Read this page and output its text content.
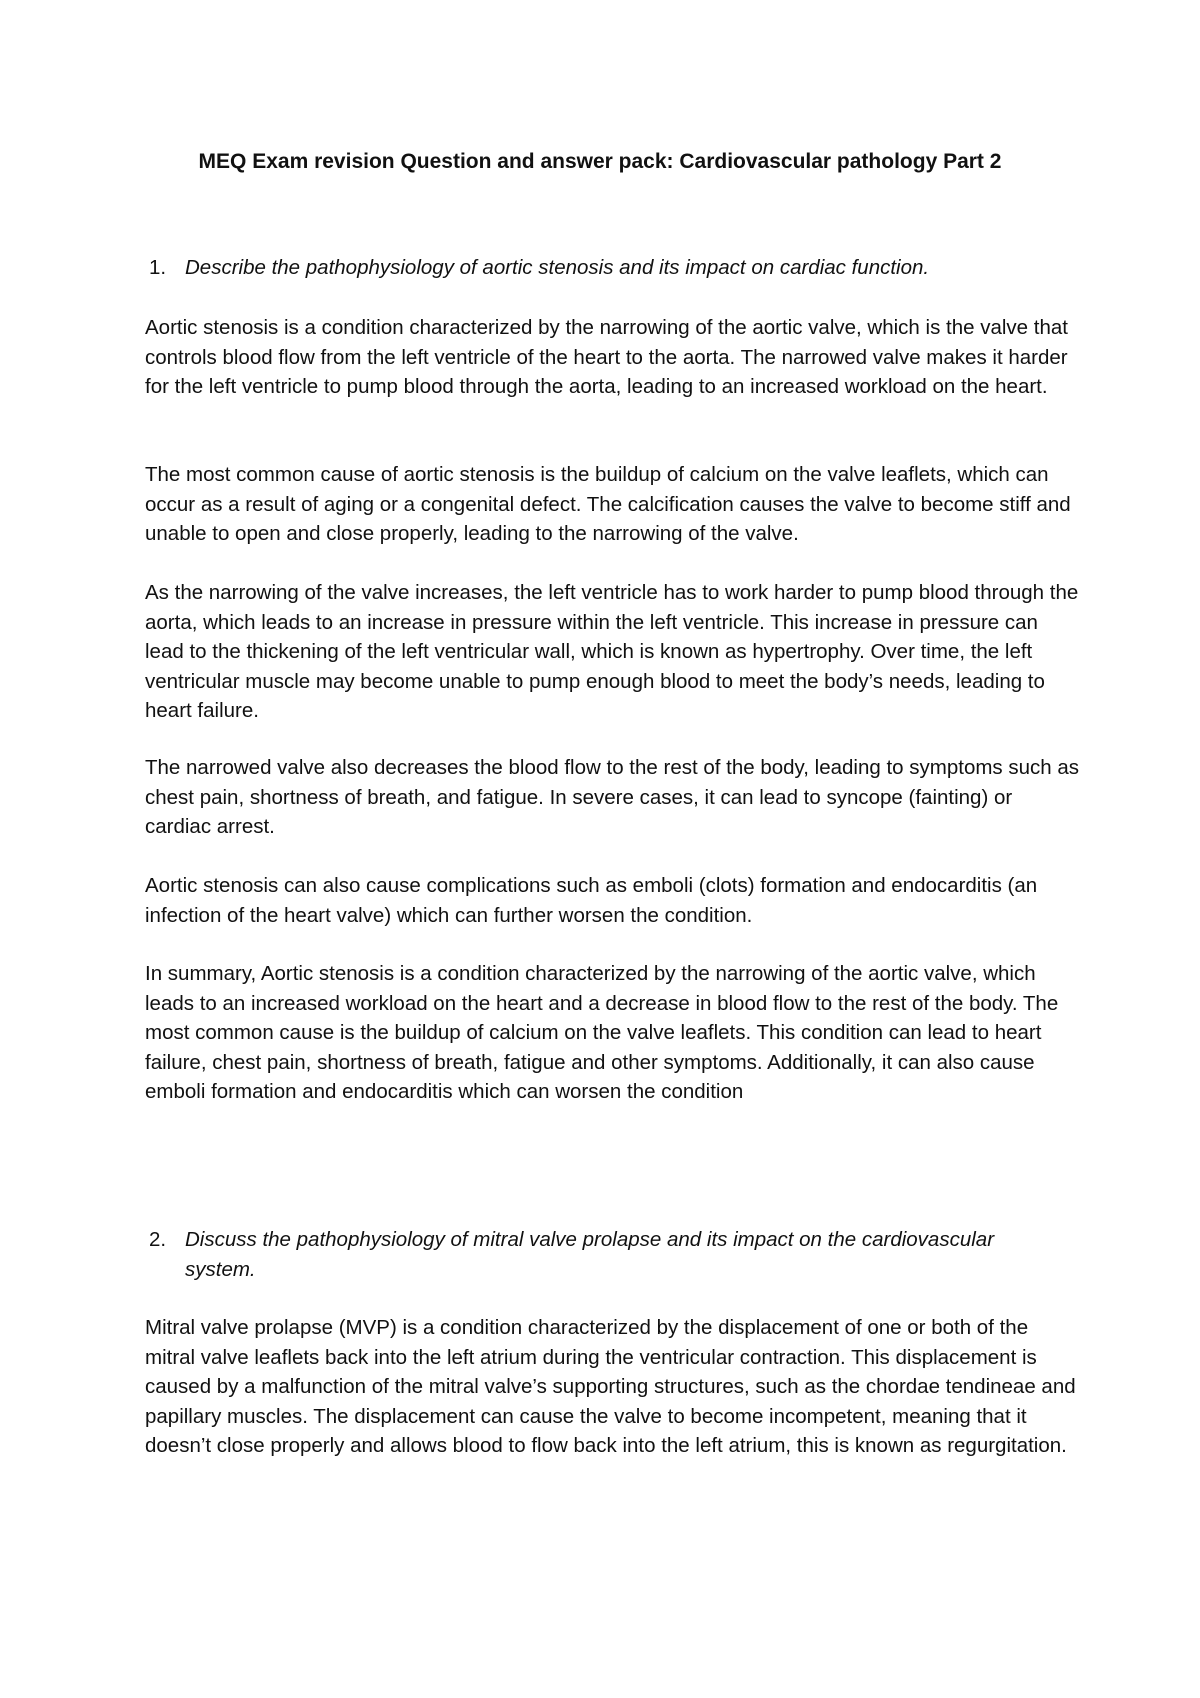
MEQ Exam revision Question and answer pack: Cardiovascular pathology Part 2
1. Describe the pathophysiology of aortic stenosis and its impact on cardiac function.

Aortic stenosis is a condition characterized by the narrowing of the aortic valve, which is the valve that controls blood flow from the left ventricle of the heart to the aorta. The narrowed valve makes it harder for the left ventricle to pump blood through the aorta, leading to an increased workload on the heart.

The most common cause of aortic stenosis is the buildup of calcium on the valve leaflets, which can occur as a result of aging or a congenital defect. The calcification causes the valve to become stiff and unable to open and close properly, leading to the narrowing of the valve.

As the narrowing of the valve increases, the left ventricle has to work harder to pump blood through the aorta, which leads to an increase in pressure within the left ventricle. This increase in pressure can lead to the thickening of the left ventricular wall, which is known as hypertrophy. Over time, the left ventricular muscle may become unable to pump enough blood to meet the body’s needs, leading to heart failure.

The narrowed valve also decreases the blood flow to the rest of the body, leading to symptoms such as chest pain, shortness of breath, and fatigue. In severe cases, it can lead to syncope (fainting) or cardiac arrest.

Aortic stenosis can also cause complications such as emboli (clots) formation and endocarditis (an infection of the heart valve) which can further worsen the condition.

In summary, Aortic stenosis is a condition characterized by the narrowing of the aortic valve, which leads to an increased workload on the heart and a decrease in blood flow to the rest of the body. The most common cause is the buildup of calcium on the valve leaflets. This condition can lead to heart failure, chest pain, shortness of breath, fatigue and other symptoms. Additionally, it can also cause emboli formation and endocarditis which can worsen the condition

2. Discuss the pathophysiology of mitral valve prolapse and its impact on the cardiovascular system.

Mitral valve prolapse (MVP) is a condition characterized by the displacement of one or both of the mitral valve leaflets back into the left atrium during the ventricular contraction. This displacement is caused by a malfunction of the mitral valve’s supporting structures, such as the chordae tendineae and papillary muscles. The displacement can cause the valve to become incompetent, meaning that it doesn’t close properly and allows blood to flow back into the left atrium, this is known as regurgitation.
